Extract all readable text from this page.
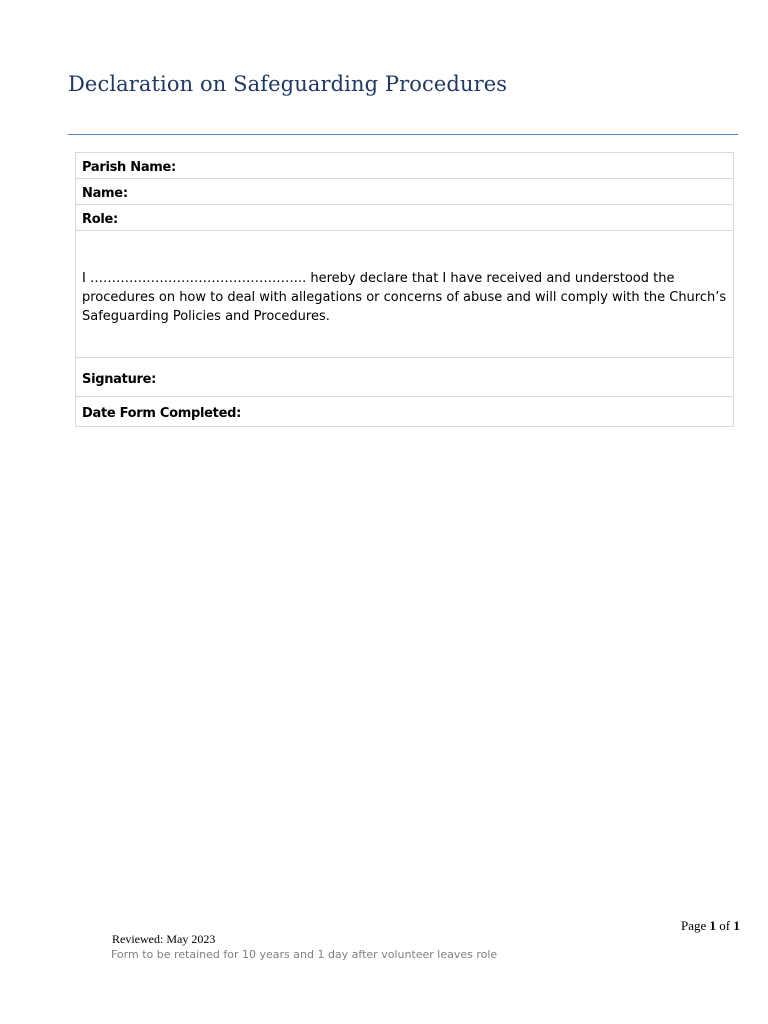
Declaration on Safeguarding Procedures
Parish Name:
Name:
Role:
I ………………………………………….. hereby declare that I have received and understood the procedures on how to deal with allegations or concerns of abuse and will comply with the Church’s Safeguarding Policies and Procedures.
Signature:
Date Form Completed:
Page 1 of 1
Reviewed: May 2023
Form to be retained for 10 years and 1 day after volunteer leaves role
